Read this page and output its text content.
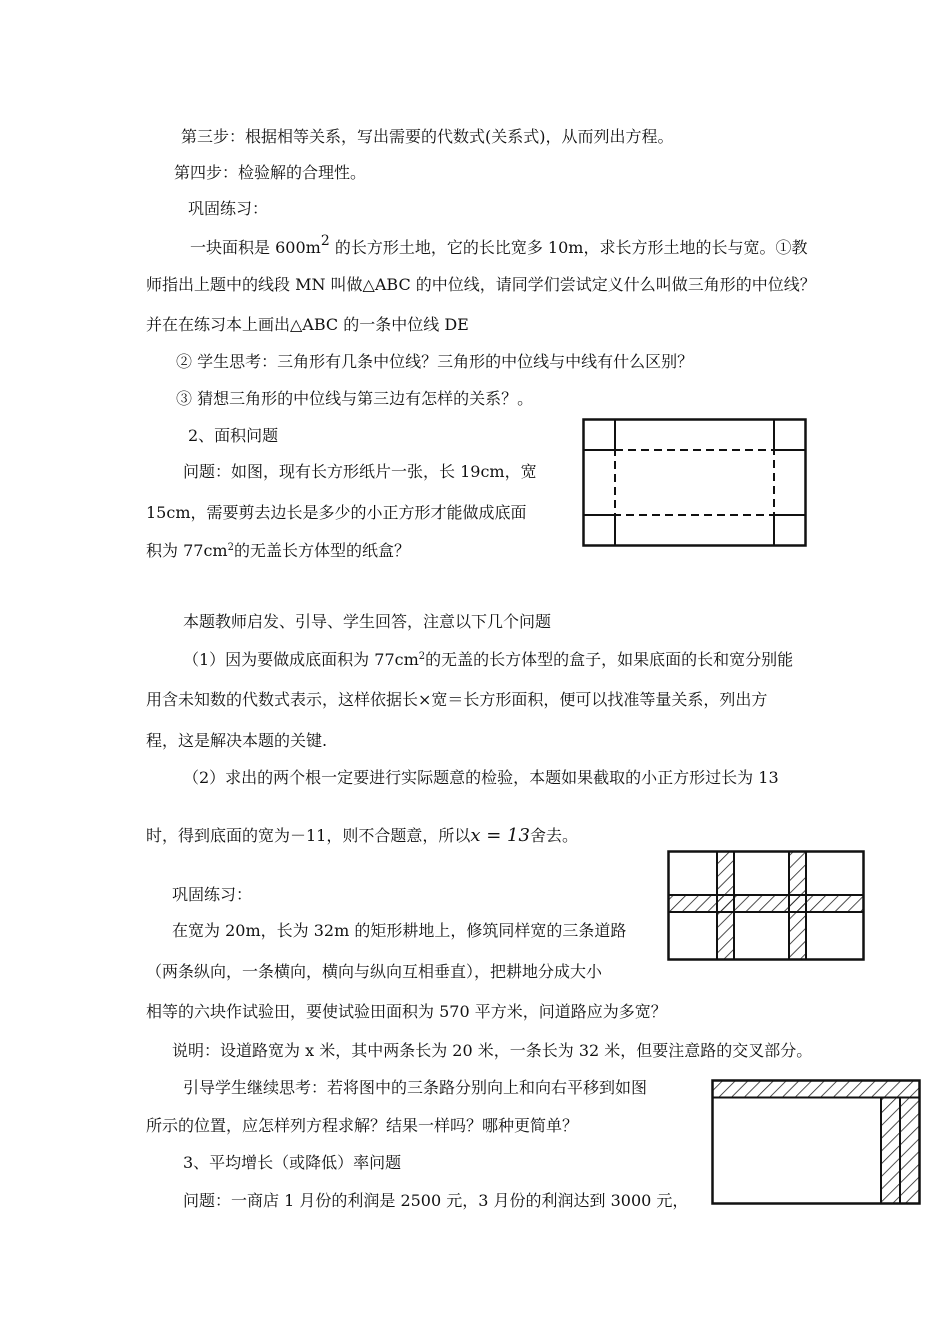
第三步：根据相等关系，写出需要的代数式(关系式)，从而列出方程。
第四步：检验解的合理性。
巩固练习：
一块面积是 600m2 的长方形土地，它的长比宽多 10m，求长方形土地的长与宽。①教
师指出上题中的线段 MN 叫做△ABC 的中位线，请同学们尝试定义什么叫做三角形的中位线？
并在在练习本上画出△ABC 的一条中位线 DE
② 学生思考：三角形有几条中位线？三角形的中位线与中线有什么区别？
③ 猜想三角形的中位线与第三边有怎样的关系？。
2、面积问题
问题：如图，现有长方形纸片一张，长 19cm，宽
15cm，需要剪去边长是多少的小正方形才能做成底面
积为 $77cm^2$的无盖长方体型的纸盒？
本题教师启发、引导、学生回答，注意以下几个问题
（1）因为要做成底面积为 $77cm^2$的无盖的长方体型的盒子，如果底面的长和宽分别能
用含未知数的代数式表示，这样依据长×宽＝长方形面积，便可以找准等量关系，列出方
程，这是解决本题的关键.
（2）求出的两个根一定要进行实际题意的检验，本题如果截取的小正方形过长为 13
时，得到底面的宽为－11，则不合题意，所以x = 13舍去。
巩固练习：
在宽为 20m，长为 32m 的矩形耕地上，修筑同样宽的三条道路
（两条纵向，一条横向，横向与纵向互相垂直），把耕地分成大小
相等的六块作试验田，要使试验田面积为 570 平方米，问道路应为多宽？
说明：设道路宽为 x 米，其中两条长为 20 米，一条长为 32 米，但要注意路的交叉部分。
引导学生继续思考：若将图中的三条路分别向上和向右平移到如图
所示的位置，应怎样列方程求解？结果一样吗？哪种更简单？
3、平均增长（或降低）率问题
问题：一商店 1 月份的利润是 2500 元，3 月份的利润达到 3000 元，
